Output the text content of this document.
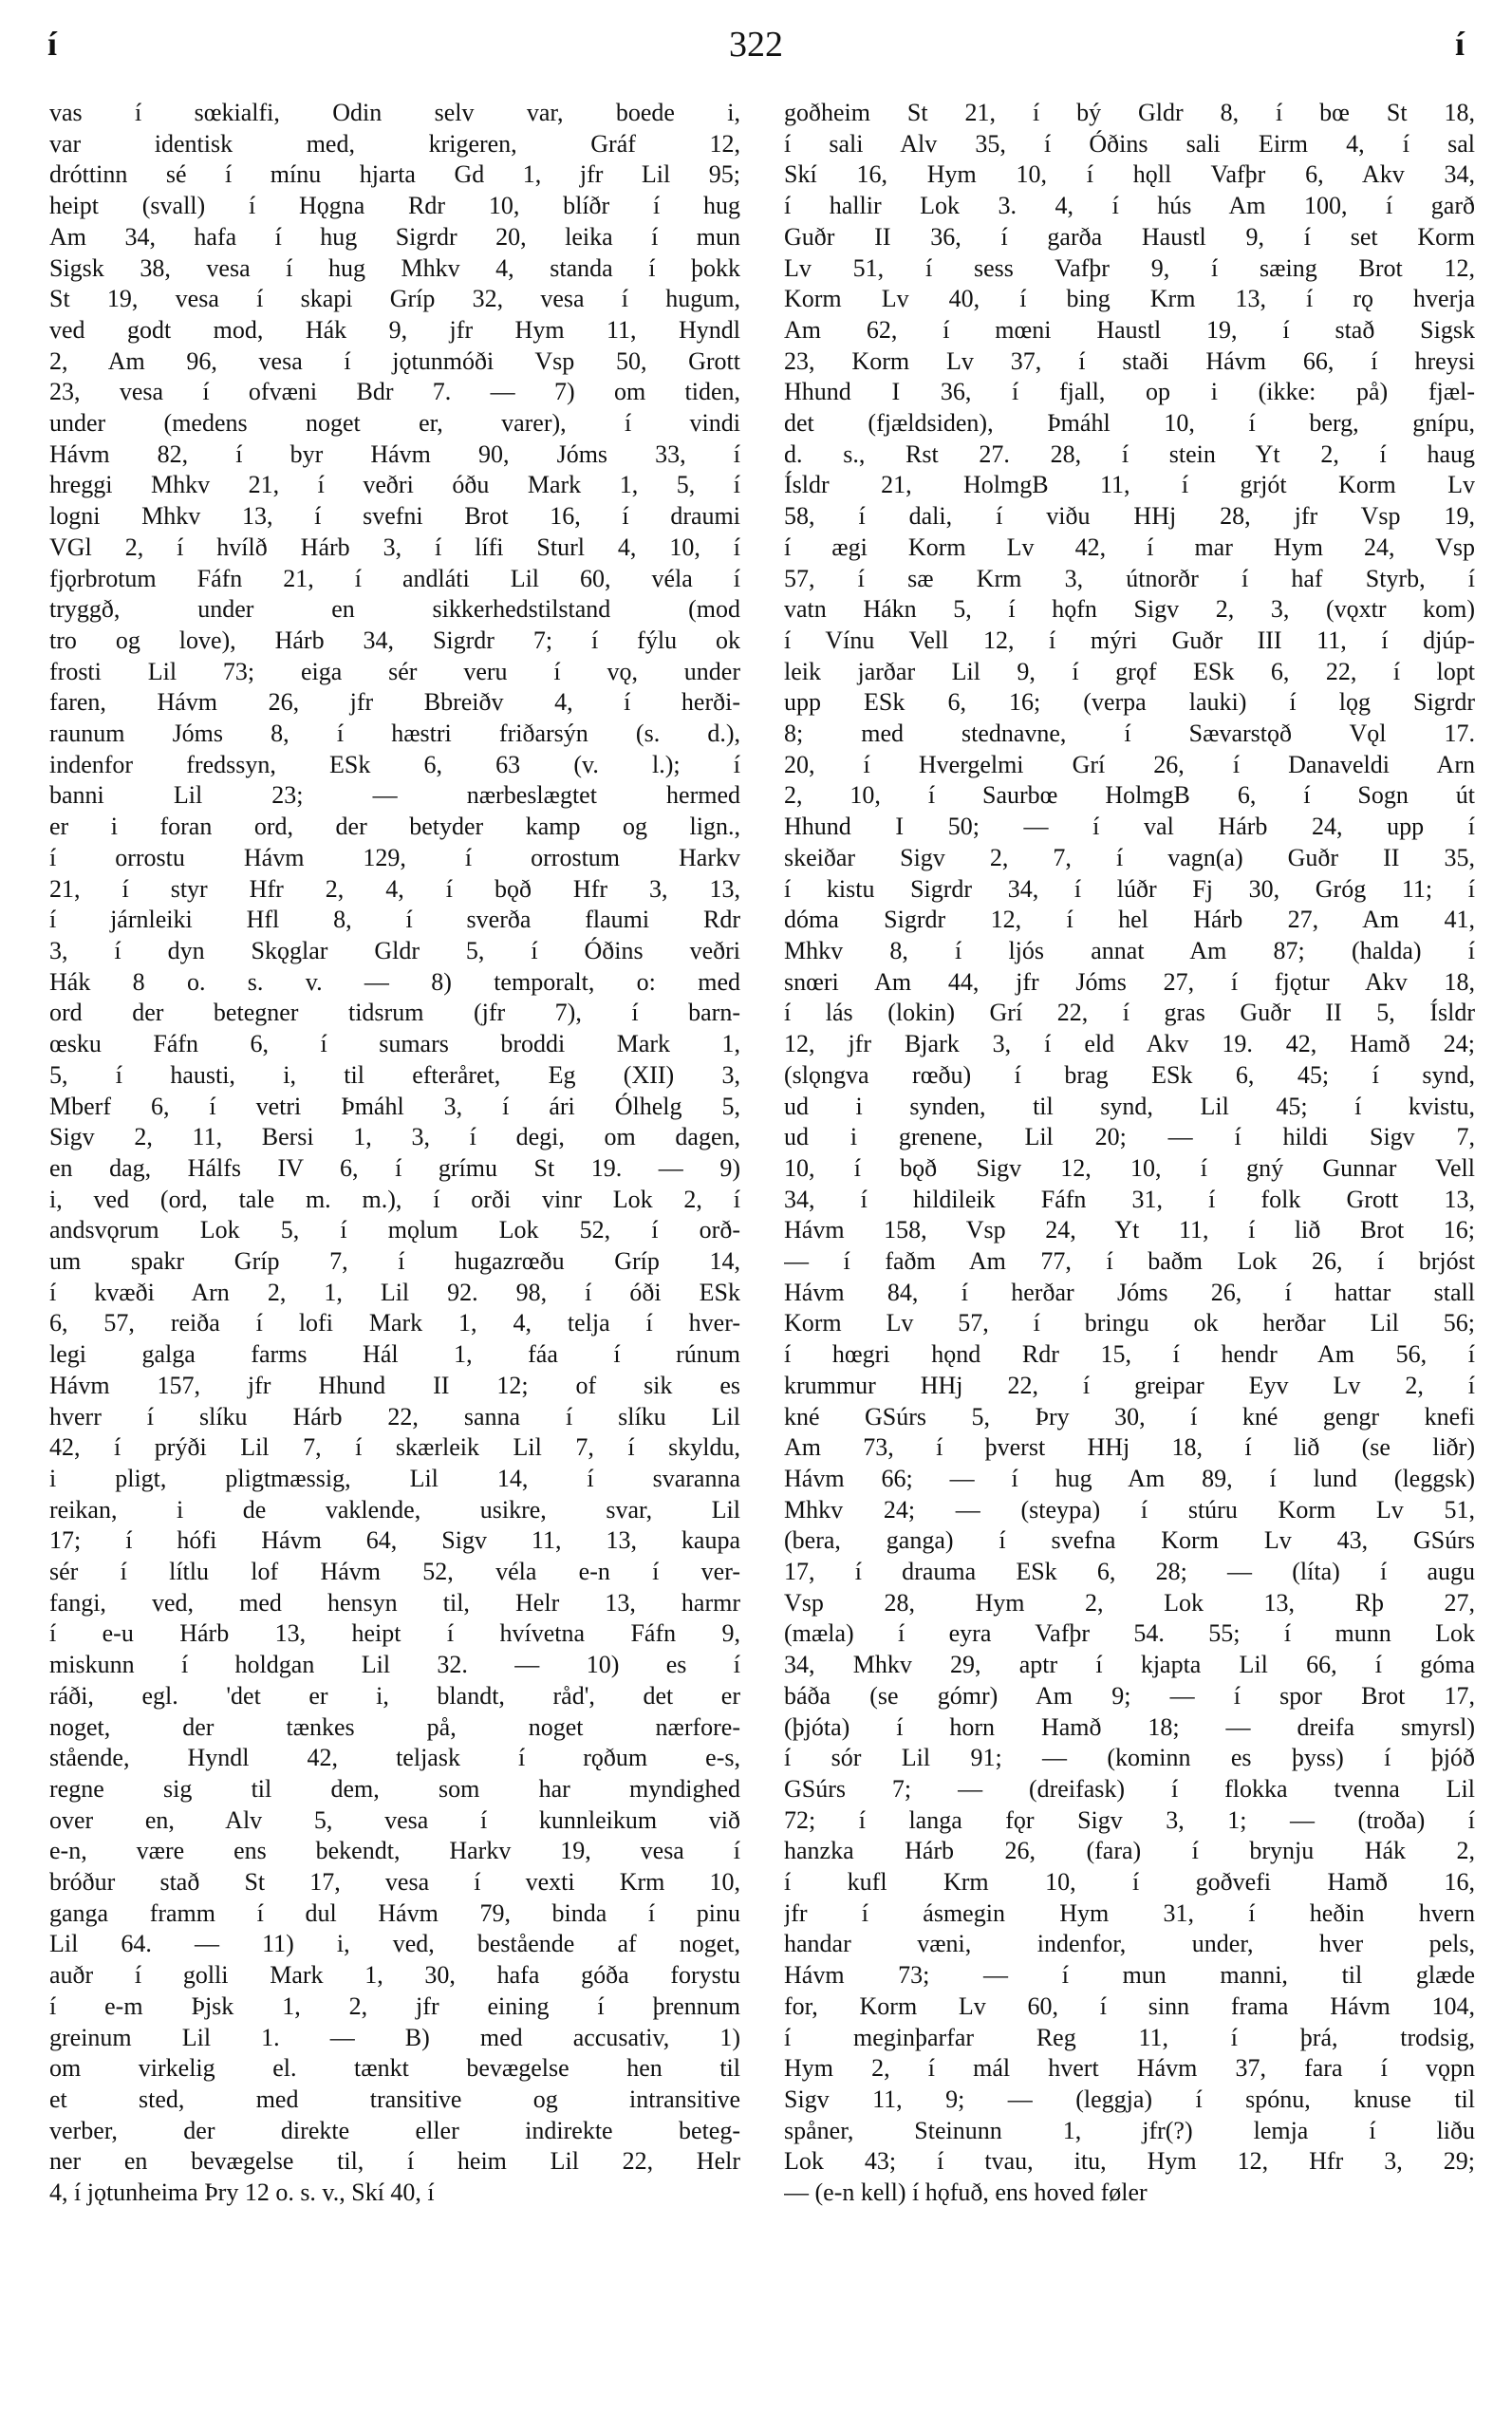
í	322	í
vas í sœkialfi, Odin selv var, boede i,
var identisk med, krigeren, Gráf 12,
dróttinn sé í mínu hjarta Gd 1, jfr Lil 95;
heipt (svall) í Hǫgna Rdr 10, blíðr í hug
Am 34, hafa í hug Sigrdr 20, leika í mun
Sigsk 38, vesa í hug Mhkv 4, standa í þokk
St 19, vesa í skapi Gríp 32, vesa í hugum,
ved godt mod, Hák 9, jfr Hym 11, Hyndl
2, Am 96, vesa í jǫtunmóði Vsp 50, Grott
23, vesa í ofvæni Bdr 7. — 7) om tiden,
under (medens noget er, varer), í vindi
Hávm 82, í byr Hávm 90, Jóms 33, í
hreggi Mhkv 21, í veðri óðu Mark 1, 5, í
logni Mhkv 13, í svefni Brot 16, í draumi
VGl 2, í hvílð Hárb 3, í lífi Sturl 4, 10, í
fjǫrbrotum Fáfn 21, í andláti Lil 60, véla í
tryggð, under en sikkerhedstilstand (mod
tro og love), Hárb 34, Sigrdr 7; í fýlu ok
frosti Lil 73; eiga sér veru í vǫ, under
faren, Hávm 26, jfr Bbreiðv 4, í herði-
raunum Jóms 8, í hæstri friðarsýn (s. d.),
indenfor fredssyn, ESk 6, 63 (v. l.); í
banni Lil 23; — nærbeslægtet hermed
er i foran ord, der betyder kamp og lign.,
í orrostu Hávm 129, í orrostum Harkv
21, í styr Hfr 2, 4, í bǫð Hfr 3, 13,
í járnleiki Hfl 8, í sverða flaumi Rdr
3, í dyn Skǫglar Gldr 5, í Óðins veðri
Hák 8 o. s. v. — 8) temporalt, o: med
ord der betegner tidsrum (jfr 7), í barn-
œsku Fáfn 6, í sumars broddi Mark 1,
5, í hausti, i, til efteråret, Eg (XII) 3,
Mberf 6, í vetri Þmáhl 3, í ári Ólhelg 5,
Sigv 2, 11, Bersi 1, 3, í degi, om dagen,
en dag, Hálfs IV 6, í grímu St 19. — 9)
i, ved (ord, tale m. m.), í orði vinr Lok 2, í
andsvǫrum Lok 5, í mǫlum Lok 52, í orð-
um spakr Gríp 7, í hugazrœðu Gríp 14,
í kvæði Arn 2, 1, Lil 92. 98, í óði ESk
6, 57, reiða í lofi Mark 1, 4, telja í hver-
legi galga farms Hál 1, fáa í rúnum
Hávm 157, jfr Hhund II 12; of sik es
hverr í slíku Hárb 22, sanna í slíku Lil
42, í prýði Lil 7, í skærleik Lil 7, í skyldu,
i pligt, pligtmæssig, Lil 14, í svaranna
reikan, i de vaklende, usikre, svar, Lil
17; í hófi Hávm 64, Sigv 11, 13, kaupa
sér í lítlu lof Hávm 52, véla e-n í ver-
fangi, ved, med hensyn til, Helr 13, harmr
í e-u Hárb 13, heipt í hvívetna Fáfn 9,
miskunn í holdgan Lil 32. — 10) es í
ráði, egl. 'det er i, blandt, råd', det er
noget, der tænkes på, noget nærfore-
stående, Hyndl 42, teljask í rǫðum e-s,
regne sig til dem, som har myndighed
over en, Alv 5, vesa í kunnleikum við
e-n, være ens bekendt, Harkv 19, vesa í
bróður stað St 17, vesa í vexti Krm 10,
ganga framm í dul Hávm 79, binda í pinu
Lil 64. — 11) i, ved, bestående af noget,
auðr í golli Mark 1, 30, hafa góða forystu
í e-m Þjsk 1, 2, jfr eining í þrennum
greinum Lil 1. — B) med accusativ, 1)
om virkelig el. tænkt bevægelse hen til
et sted, med transitive og intransitive
verber, der direkte eller indirekte beteg-
ner en bevægelse til, í heim Lil 22, Helr
4, í jǫtunheima Þry 12 o. s. v., Skí 40, í
goðheim St 21, í bý Gldr 8, í bœ St 18,
í sali Alv 35, í Óðins sali Eirm 4, í sal
Skí 16, Hym 10, í hǫll Vafþr 6, Akv 34,
í hallir Lok 3. 4, í hús Am 100, í garð
Guðr II 36, í garða Haustl 9, í set Korm
Lv 51, í sess Vafþr 9, í sæing Brot 12,
Korm Lv 40, í bing Krm 13, í rǫ hverja
Am 62, í mœni Haustl 19, í stað Sigsk
23, Korm Lv 37, í staði Hávm 66, í hreysi
Hhund I 36, í fjall, op i (ikke: på) fjæl-
det (fjældsiden), Þmáhl 10, í berg, gnípu,
d. s., Rst 27. 28, í stein Yt 2, í haug
Ísldr 21, HolmgB 11, í grjót Korm Lv
58, í dali, í viðu HHj 28, jfr Vsp 19,
í ægi Korm Lv 42, í mar Hym 24, Vsp
57, í sæ Krm 3, útnorðr í haf Styrb, í
vatn Hákn 5, í hǫfn Sigv 2, 3, (vǫxtr kom)
í Vínu Vell 12, í mýri Guðr III 11, í djúp-
leik jarðar Lil 9, í grǫf ESk 6, 22, í lopt
upp ESk 6, 16; (verpa lauki) í lǫg Sigrdr
8; med stednavne, í Sævarstǫð Vǫl 17.
20, í Hvergelmi Grí 26, í Danaveldi Arn
2, 10, í Saurbœ HolmgB 6, í Sogn út
Hhund I 50; — í val Hárb 24, upp í
skeiðar Sigv 2, 7, í vagn(a) Guðr II 35,
í kistu Sigrdr 34, í lúðr Fj 30, Gróg 11; í
dóma Sigrdr 12, í hel Hárb 27, Am 41,
Mhkv 8, í ljós annat Am 87; (halda) í
snœri Am 44, jfr Jóms 27, í fjǫtur Akv 18,
í lás (lokin) Grí 22, í gras Guðr II 5, Ísldr
12, jfr Bjark 3, í eld Akv 19. 42, Hamð 24;
(slǫngva rœðu) í brag ESk 6, 45; í synd,
ud i synden, til synd, Lil 45; í kvistu,
ud i grenene, Lil 20; — í hildi Sigv 7,
10, í bǫð Sigv 12, 10, í gný Gunnar Vell
34, í hildileik Fáfn 31, í folk Grott 13,
Hávm 158, Vsp 24, Yt 11, í lið Brot 16;
— í faðm Am 77, í baðm Lok 26, í brjóst
Hávm 84, í herðar Jóms 26, í hattar stall
Korm Lv 57, í bringu ok herðar Lil 56;
í hœgri hǫnd Rdr 15, í hendr Am 56, í
krummur HHj 22, í greipar Eyv Lv 2, í
kné GSúrs 5, Þry 30, í kné gengr knefi
Am 73, í þverst HHj 18, í lið (se liðr)
Hávm 66; — í hug Am 89, í lund (leggsk)
Mhkv 24; — (steypa) í stúru Korm Lv 51,
(bera, ganga) í svefna Korm Lv 43, GSúrs
17, í drauma ESk 6, 28; — (líta) í augu
Vsp 28, Hym 2, Lok 13, Rþ 27,
(mæla) í eyra Vafþr 54. 55; í munn Lok
34, Mhkv 29, aptr í kjapta Lil 66, í góma
báða (se gómr) Am 9; — í spor Brot 17,
(þjóta) í horn Hamð 18; — dreifa smyrsl)
í sór Lil 91; — (kominn es þyss) í þjóð
GSúrs 7; — (dreifask) í flokka tvenna Lil
72; í langa fǫr Sigv 3, 1; — (troða) í
hanzka Hárb 26, (fara) í brynju Hák 2,
í kufl Krm 10, í goðvefi Hamð 16,
jfr í ásmegin Hym 31, í heðin hvern
handar væni, indenfor, under, hver pels,
Hávm 73; — í mun manni, til glæde
for, Korm Lv 60, í sinn frama Hávm 104,
í meginþarfar Reg 11, í þrá, trodsig,
Hym 2, í mál hvert Hávm 37, fara í vǫpn
Sigv 11, 9; — (leggja) í spónu, knuse til
spåner, Steinunn 1, jfr(?) lemja í liðu
Lok 43; í tvau, itu, Hym 12, Hfr 3, 29;
— (e-n kell) í hǫfuð, ens hoved føler
